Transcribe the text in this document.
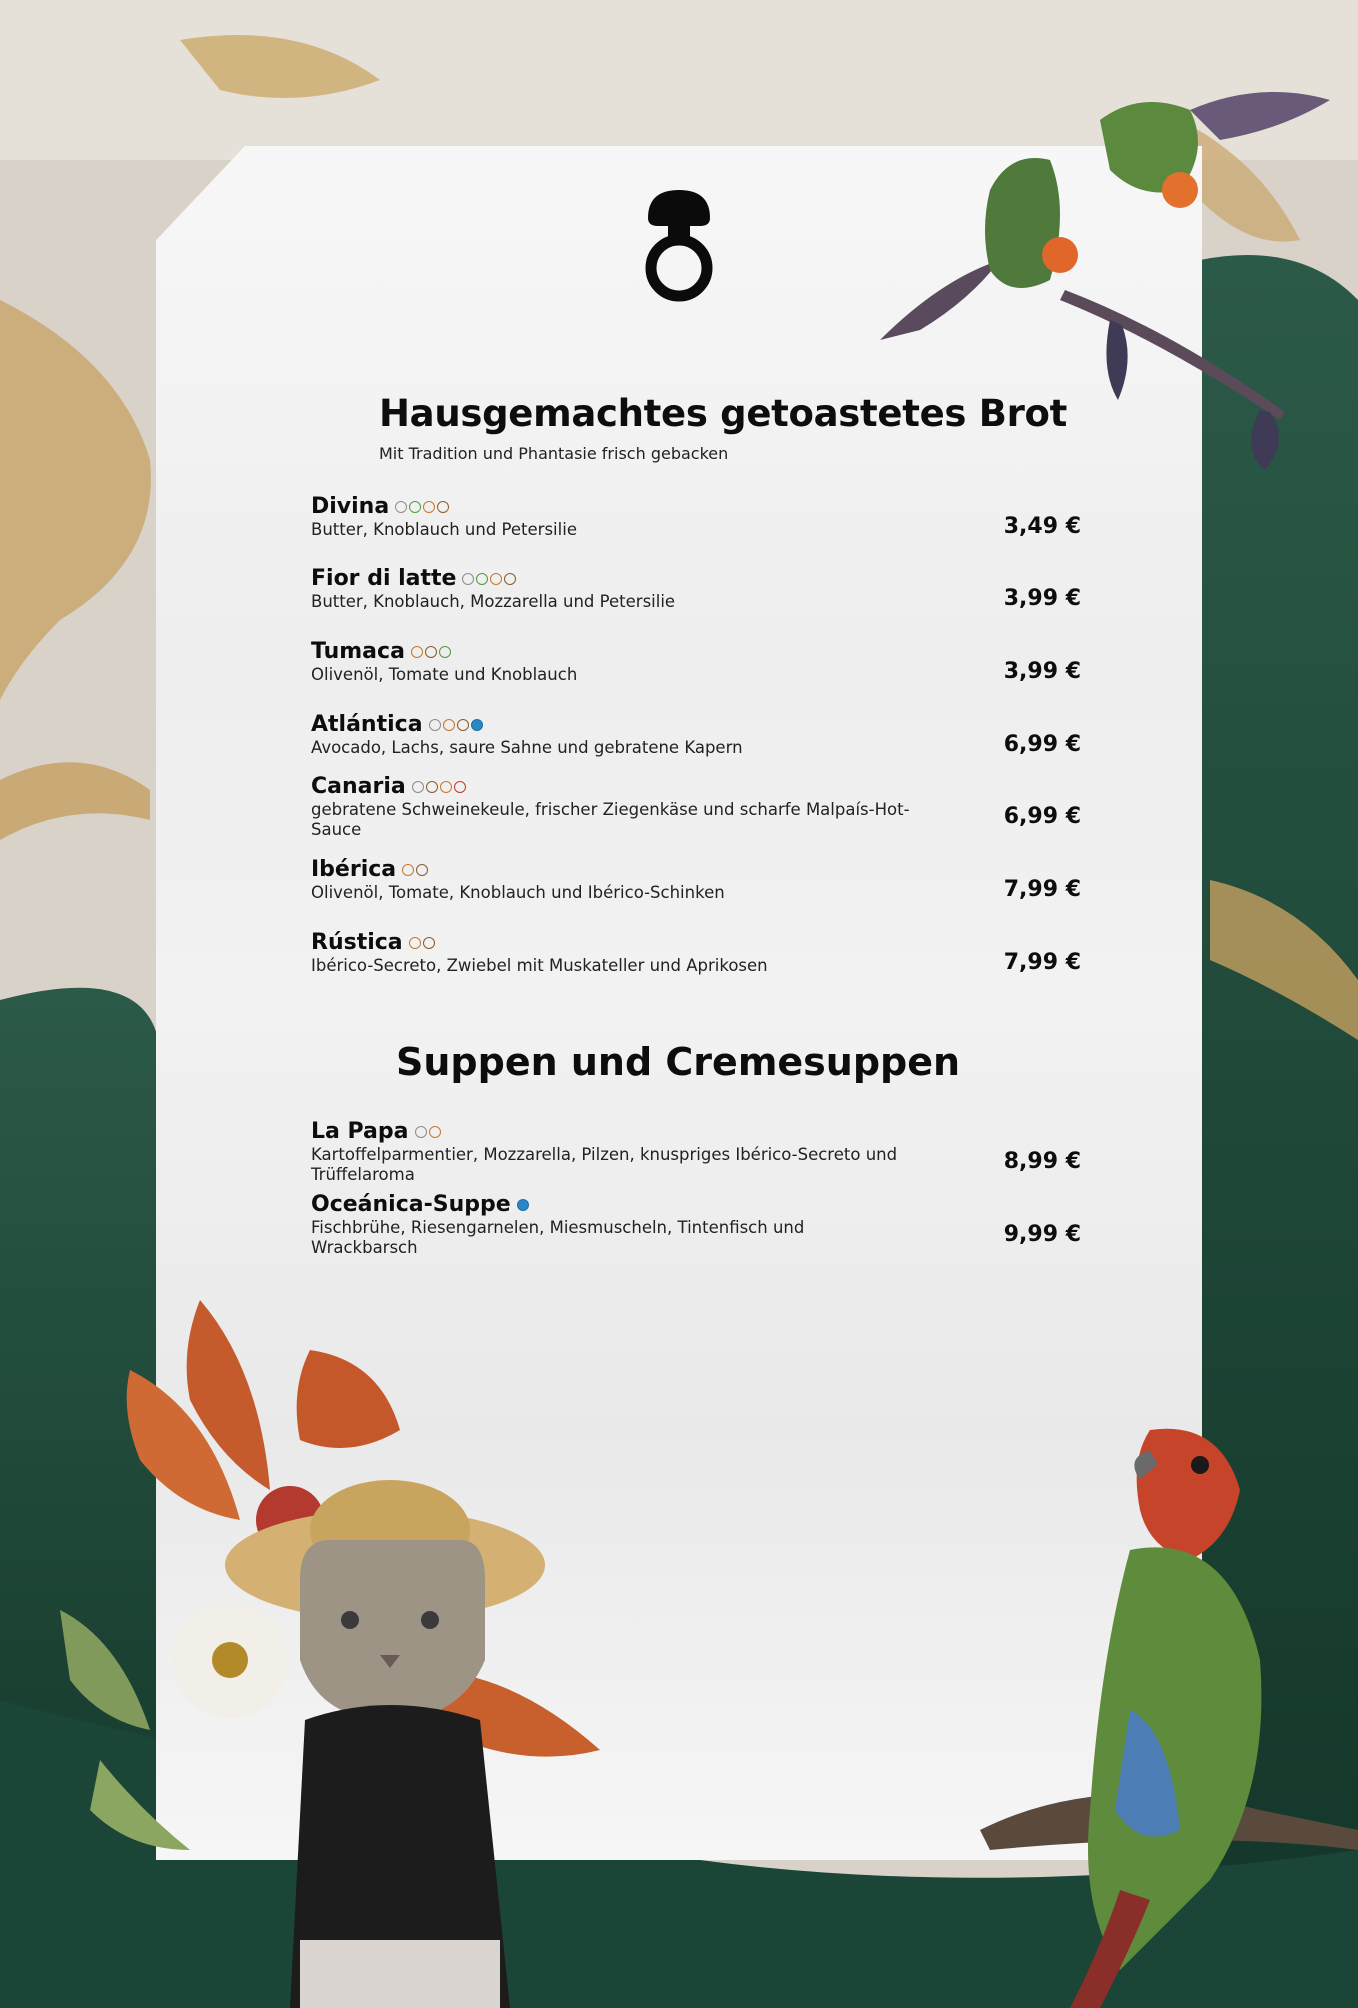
Hausgemachtes getoastetes Brot
Mit Tradition und Phantasie frisch gebacken
Divina
Butter, Knoblauch und Petersilie	3,49 €
Fior di latte
Butter, Knoblauch, Mozzarella und Petersilie	3,99 €
Tumaca
Olivenöl, Tomate und Knoblauch	3,99 €
Atlántica
Avocado, Lachs, saure Sahne und gebratene Kapern	6,99 €
Canaria
gebratene Schweinekeule, frischer Ziegenkäse und scharfe Malpaís-Hot-Sauce
6,99 €
Ibérica
Olivenöl, Tomate, Knoblauch und Ibérico-Schinken	7,99 €
Rústica
Ibérico-Secreto, Zwiebel mit Muskateller und Aprikosen	7,99 €
Suppen und Cremesuppen
La Papa
Kartoffelparmentier, Mozzarella, Pilzen, knuspriges Ibérico-Secreto und Trüffelaroma
8,99 €
Oceánica-Suppe
Fischbrühe, Riesengarnelen, Miesmuscheln, Tintenfisch und Wrackbarsch
9,99 €
